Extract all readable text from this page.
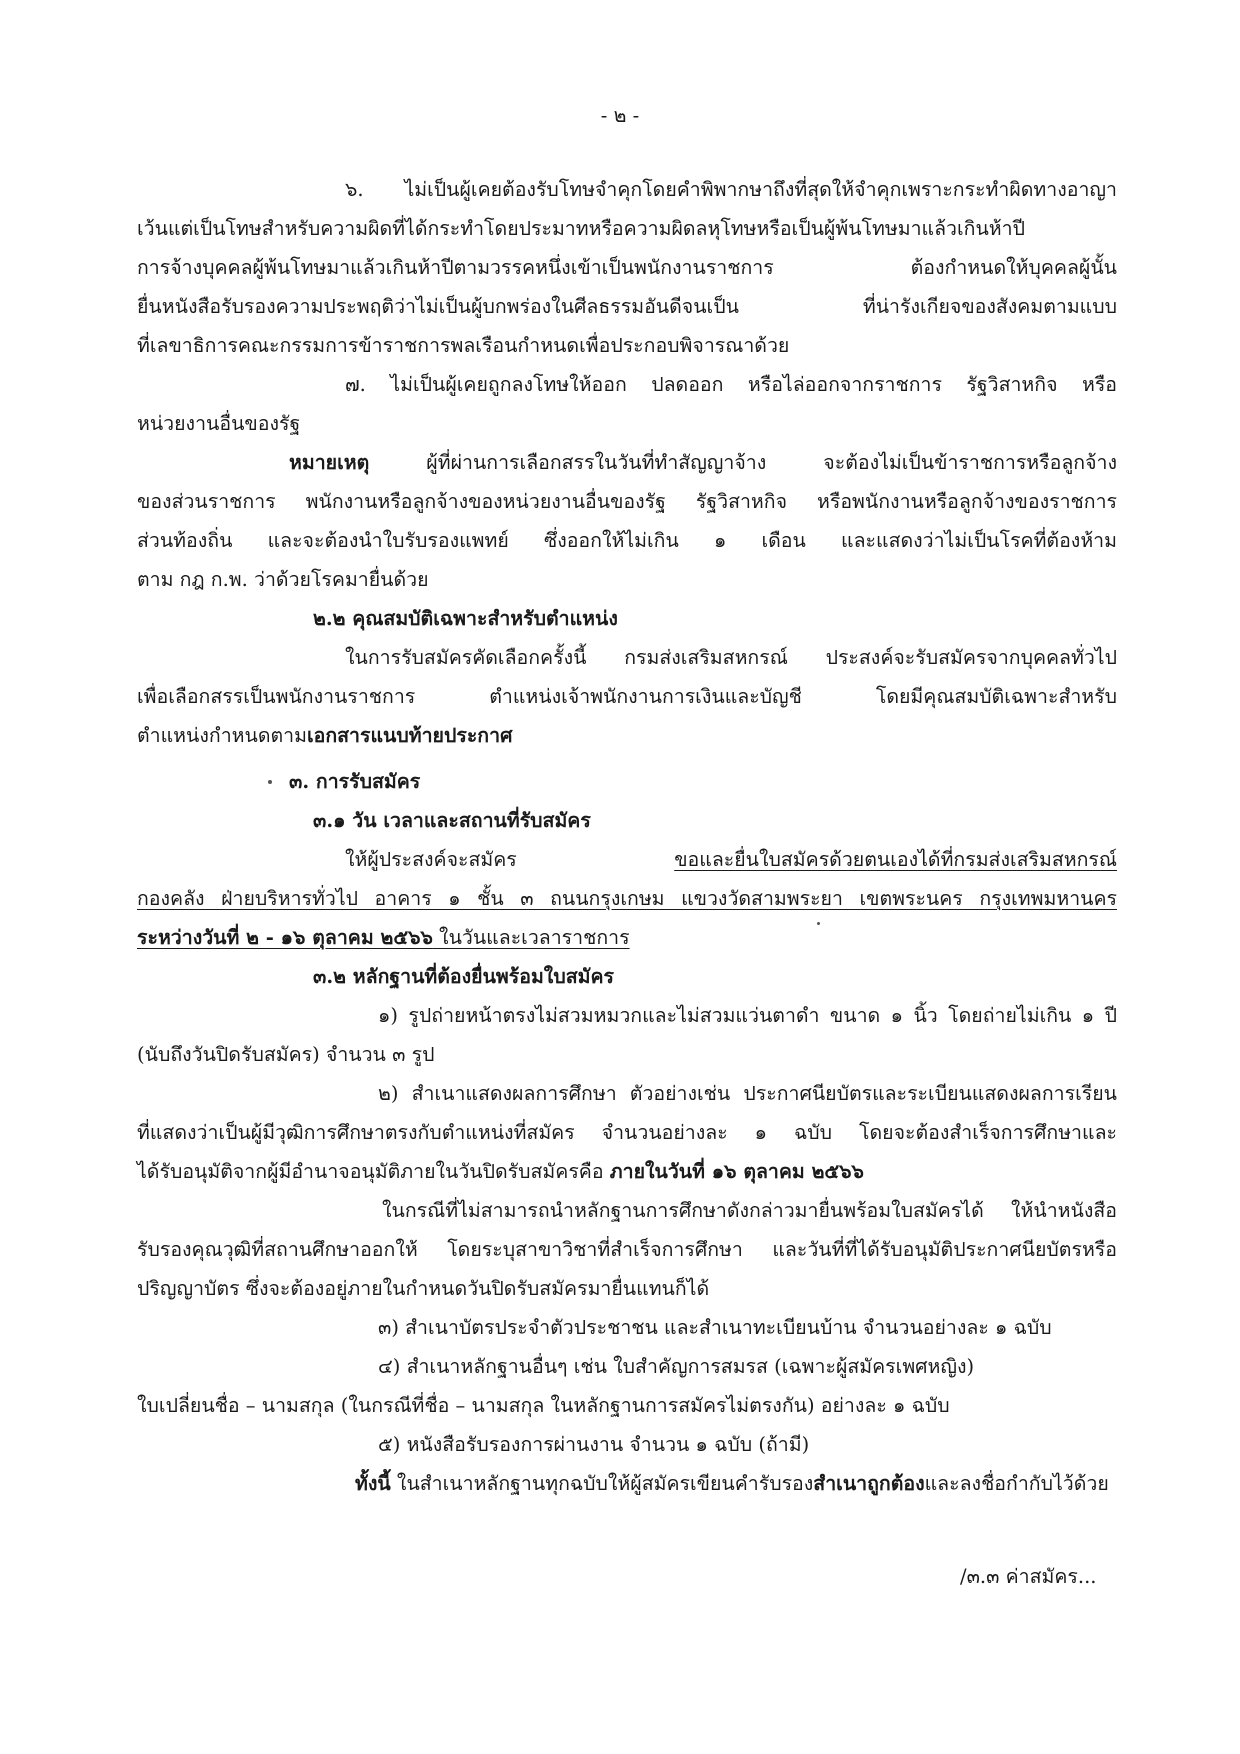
- ๒ -
๖. ไม่เป็นผู้เคยต้องรับโทษจำคุกโดยคำพิพากษาถึงที่สุดให้จำคุกเพราะกระทำผิดทางอาญา
เว้นแต่เป็นโทษสำหรับความผิดที่ได้กระทำโดยประมาทหรือความผิดลหุโทษหรือเป็นผู้พ้นโทษมาแล้วเกินห้าปี
การจ้างบุคคลผู้พ้นโทษมาแล้วเกินห้าปีตามวรรคหนึ่งเข้าเป็นพนักงานราชการ ต้องกำหนดให้บุคคลผู้นั้น
ยื่นหนังสือรับรองความประพฤติว่าไม่เป็นผู้บกพร่องในศีลธรรมอันดีจนเป็น ที่น่ารังเกียจของสังคมตามแบบ
ที่เลขาธิการคณะกรรมการข้าราชการพลเรือนกำหนดเพื่อประกอบพิจารณาด้วย
๗. ไม่เป็นผู้เคยถูกลงโทษให้ออก ปลดออก หรือไล่ออกจากราชการ รัฐวิสาหกิจ หรือ
หน่วยงานอื่นของรัฐ
หมายเหตุ ผู้ที่ผ่านการเลือกสรรในวันที่ทำสัญญาจ้าง จะต้องไม่เป็นข้าราชการหรือลูกจ้าง
ของส่วนราชการ พนักงานหรือลูกจ้างของหน่วยงานอื่นของรัฐ รัฐวิสาหกิจ หรือพนักงานหรือลูกจ้างของราชการ
ส่วนท้องถิ่น และจะต้องนำใบรับรองแพทย์ ซึ่งออกให้ไม่เกิน ๑ เดือน และแสดงว่าไม่เป็นโรคที่ต้องห้าม
ตาม กฎ ก.พ. ว่าด้วยโรคมายื่นด้วย
๒.๒ คุณสมบัติเฉพาะสำหรับตำแหน่ง
ในการรับสมัครคัดเลือกครั้งนี้ กรมส่งเสริมสหกรณ์ ประสงค์จะรับสมัครจากบุคคลทั่วไป
เพื่อเลือกสรรเป็นพนักงานราชการ ตำแหน่งเจ้าพนักงานการเงินและบัญชี โดยมีคุณสมบัติเฉพาะสำหรับ
ตำแหน่งกำหนดตามเอกสารแนบท้ายประกาศ
๓. การรับสมัคร
๓.๑ วัน เวลาและสถานที่รับสมัคร
ให้ผู้ประสงค์จะสมัคร ขอและยื่นใบสมัครด้วยตนเองได้ที่กรมส่งเสริมสหกรณ์
กองคลัง ฝ่ายบริหารทั่วไป อาคาร ๑ ชั้น ๓ ถนนกรุงเกษม แขวงวัดสามพระยา เขตพระนคร กรุงเทพมหานคร
ระหว่างวันที่ ๒ - ๑๖ ตุลาคม ๒๕๖๖ ในวันและเวลาราชการ
๓.๒ หลักฐานที่ต้องยื่นพร้อมใบสมัคร
๑) รูปถ่ายหน้าตรงไม่สวมหมวกและไม่สวมแว่นตาดำ ขนาด ๑ นิ้ว โดยถ่ายไม่เกิน ๑ ปี
(นับถึงวันปิดรับสมัคร) จำนวน ๓ รูป
๒) สำเนาแสดงผลการศึกษา ตัวอย่างเช่น ประกาศนียบัตรและระเบียนแสดงผลการเรียน
ที่แสดงว่าเป็นผู้มีวุฒิการศึกษาตรงกับตำแหน่งที่สมัคร จำนวนอย่างละ ๑ ฉบับ โดยจะต้องสำเร็จการศึกษาและ
ได้รับอนุมัติจากผู้มีอำนาจอนุมัติภายในวันปิดรับสมัครคือ ภายในวันที่ ๑๖ ตุลาคม ๒๕๖๖
ในกรณีที่ไม่สามารถนำหลักฐานการศึกษาดังกล่าวมายื่นพร้อมใบสมัครได้ ให้นำหนังสือ
รับรองคุณวุฒิที่สถานศึกษาออกให้ โดยระบุสาขาวิชาที่สำเร็จการศึกษา และวันที่ที่ได้รับอนุมัติประกาศนียบัตรหรือ
ปริญญาบัตร ซึ่งจะต้องอยู่ภายในกำหนดวันปิดรับสมัครมายื่นแทนก็ได้
๓) สำเนาบัตรประจำตัวประชาชน และสำเนาทะเบียนบ้าน จำนวนอย่างละ ๑ ฉบับ
๔) สำเนาหลักฐานอื่นๆ เช่น ใบสำคัญการสมรส (เฉพาะผู้สมัครเพศหญิง)
ใบเปลี่ยนชื่อ – นามสกุล (ในกรณีที่ชื่อ – นามสกุล ในหลักฐานการสมัครไม่ตรงกัน) อย่างละ ๑ ฉบับ
๕) หนังสือรับรองการผ่านงาน จำนวน ๑ ฉบับ (ถ้ามี)
ทั้งนี้ ในสำเนาหลักฐานทุกฉบับให้ผู้สมัครเขียนคำรับรองสำเนาถูกต้องและลงชื่อกำกับไว้ด้วย
/๓.๓ ค่าสมัคร...
